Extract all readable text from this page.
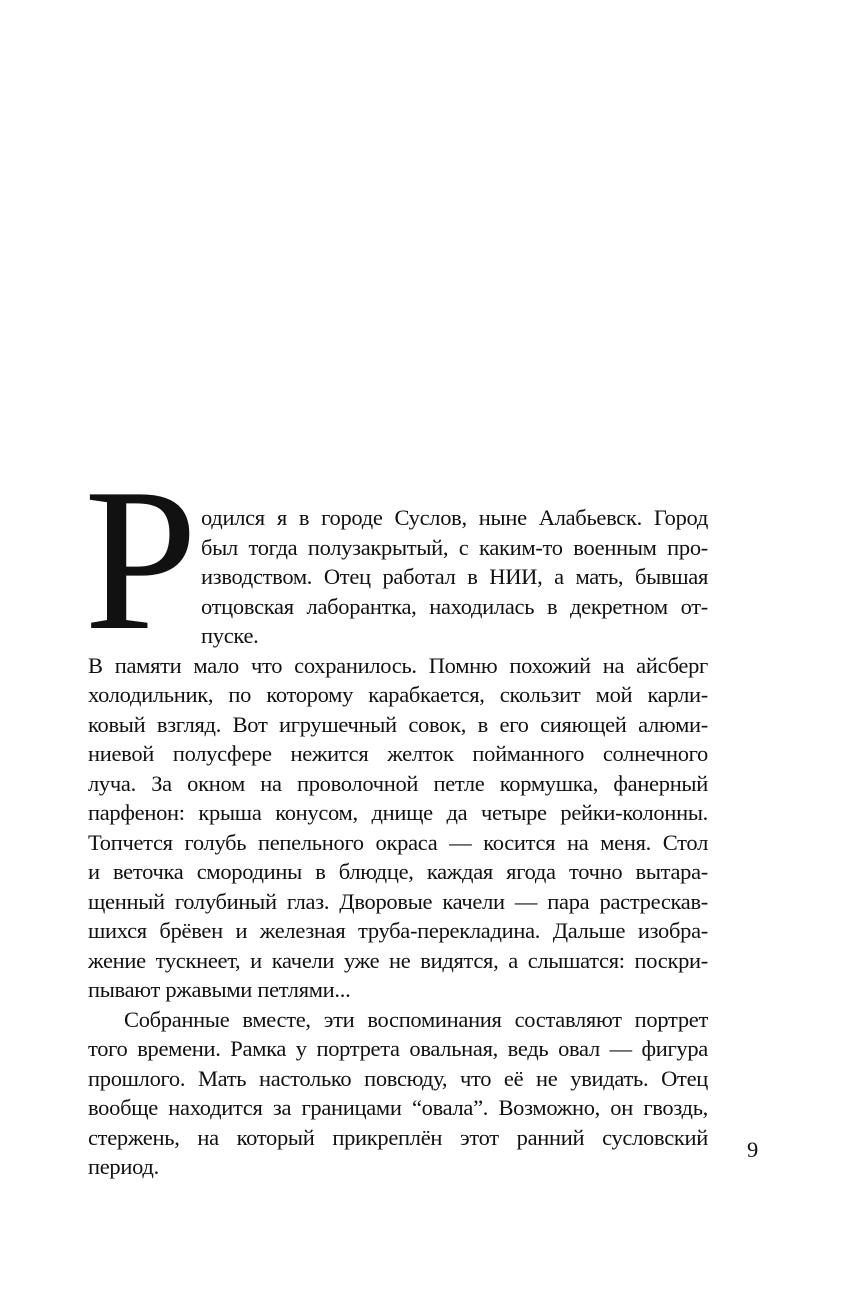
Р одился я в городе Суслов, ныне Алабьевск. Город
был тогда полузакрытый, с каким-то военным про-
изводством. Отец работал в НИИ, а мать, бывшая
отцовская лаборантка, находилась в декретном от-
пуске.
В памяти мало что сохранилось. Помню похожий на айсберг
холодильник, по которому карабкается, скользит мой карли-
ковый взгляд. Вот игрушечный совок, в его сияющей алюми-
ниевой полусфере нежится желток пойманного солнечного
луча. За окном на проволочной петле кормушка, фанерный
парфенон: крыша конусом, днище да четыре рейки-колонны.
Топчется голубь пепельного окраса — косится на меня. Стол
и веточка смородины в блюдце, каждая ягода точно вытара-
щенный голубиный глаз. Дворовые качели — пара растрескав-
шихся брёвен и железная труба-перекладина. Дальше изобра-
жение тускнеет, и качели уже не видятся, а слышатся: поскри-
пывают ржавыми петлями...
Собранные вместе, эти воспоминания составляют портрет
того времени. Рамка у портрета овальная, ведь овал — фигура
прошлого. Мать настолько повсюду, что её не увидать. Отец
вообще находится за границами “овала”. Возможно, он гвоздь,
стержень, на который прикреплён этот ранний сусловский
период.
9
